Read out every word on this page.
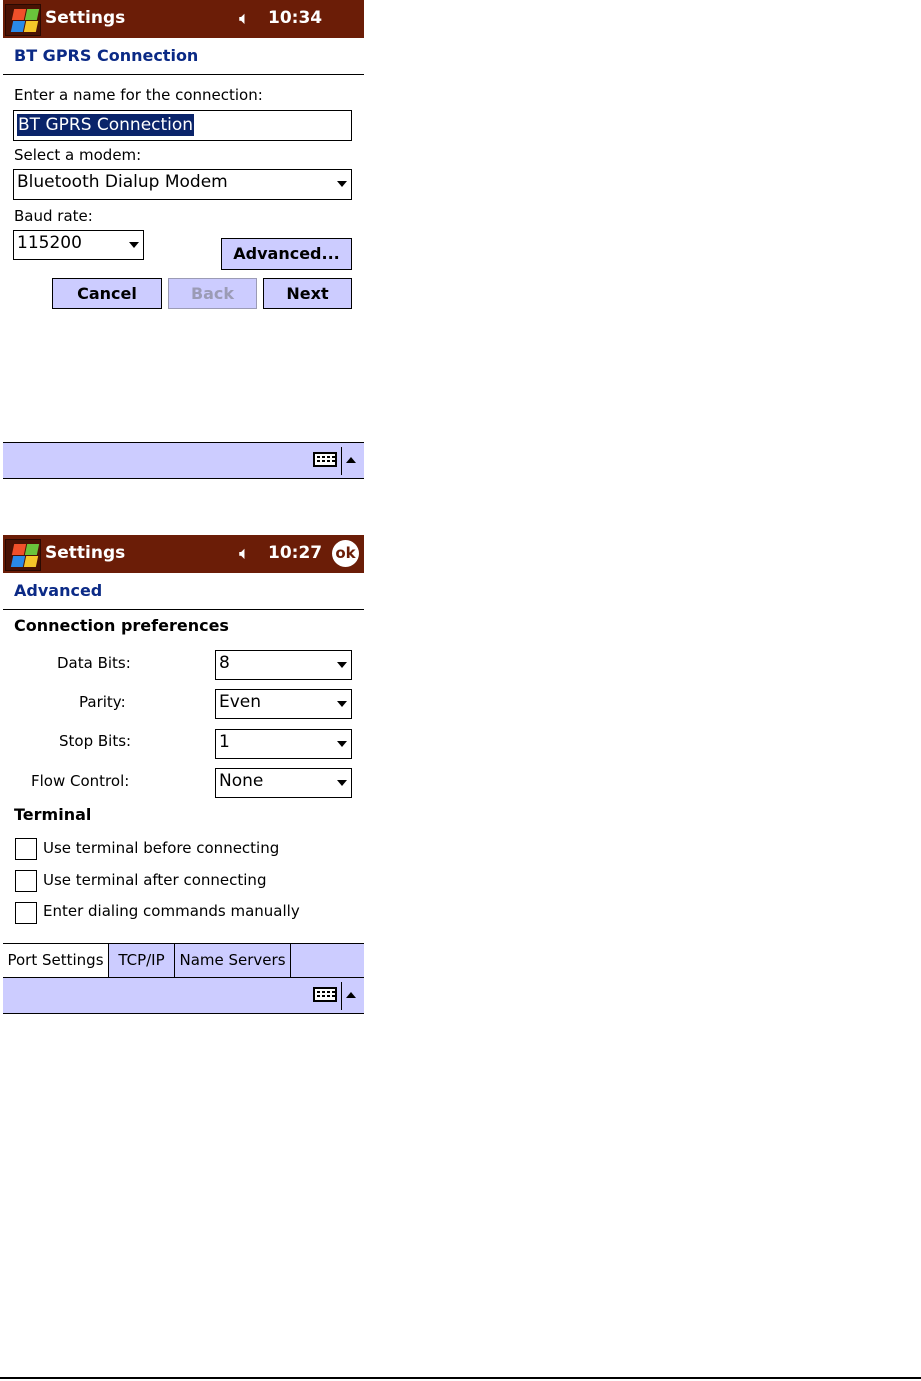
Settings	🔈︎ 10:34
BT GPRS Connection
Enter a name for the connection:
BT GPRS Connection
Select a modem:
Bluetooth Dialup Modem
Baud rate:
115200
Advanced...
Cancel	Back	Next
Settings	🔈︎ 10:27 ok
Advanced
Connection preferences
Data Bits:	8
Parity:	Even
Stop Bits:	1
Flow Control:	None
Terminal
Use terminal before connecting
Use terminal after connecting
Enter dialing commands manually
Port Settings TCP/IP Name Servers
